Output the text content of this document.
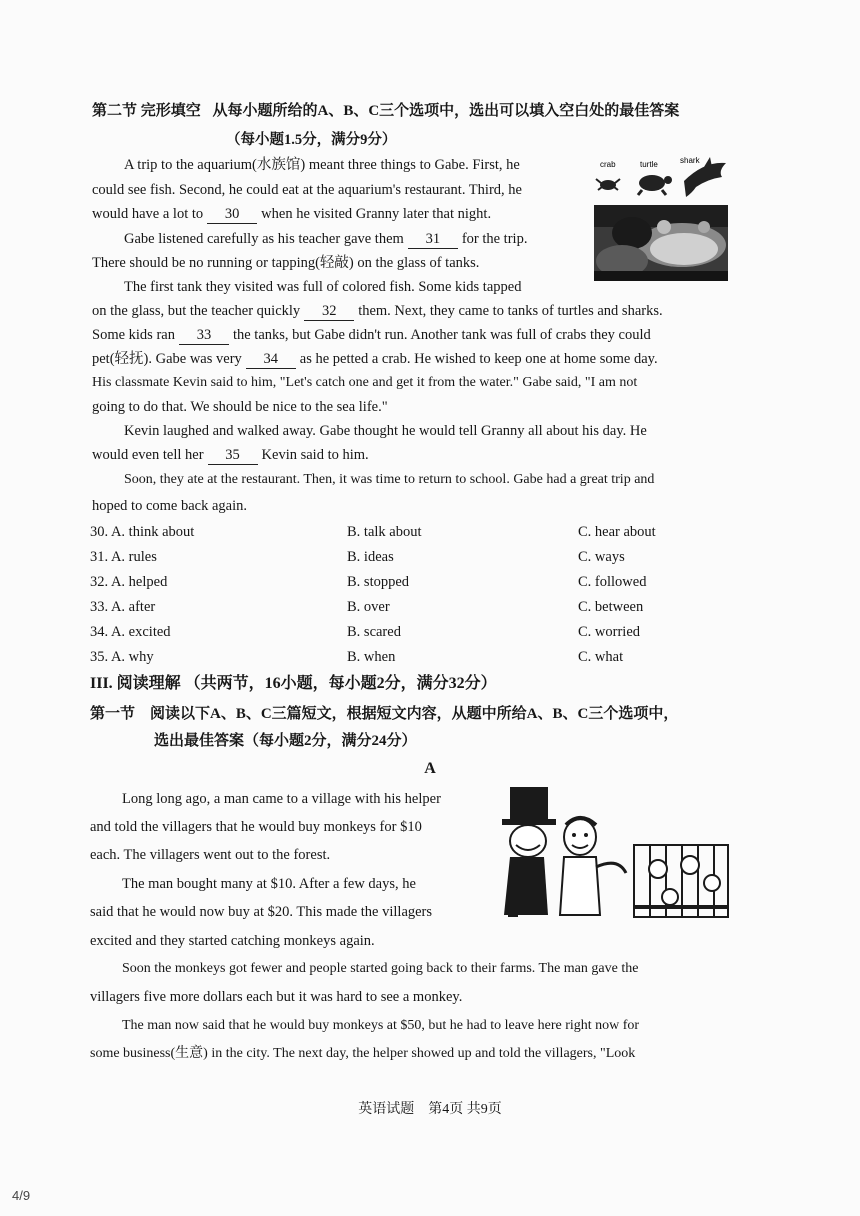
第二节 完形填空 从每小题所给的A、B、C三个选项中，选出可以填入空白处的最佳答案
（每小题1.5分，满分9分）
crab	turtle	shark
A trip to the aquarium(水族馆) meant three things to Gabe. First, he
could see fish. Second, he could eat at the aquarium's restaurant. Third, he
would have a lot to 30 when he visited Granny later that night.
Gabe listened carefully as his teacher gave them 31 for the trip.
There should be no running or tapping(轻敲) on the glass of tanks.
The first tank they visited was full of colored fish. Some kids tapped
on the glass, but the teacher quickly 32 them. Next, they came to tanks of turtles and sharks.
Some kids ran 33 the tanks, but Gabe didn't run. Another tank was full of crabs they could
pet(轻抚). Gabe was very 34 as he petted a crab. He wished to keep one at home some day.
His classmate Kevin said to him, "Let's catch one and get it from the water." Gabe said, "I am not
going to do that. We should be nice to the sea life."
Kevin laughed and walked away. Gabe thought he would tell Granny all about his day. He
would even tell her 35 Kevin said to him.
Soon, they ate at the restaurant. Then, it was time to return to school. Gabe had a great trip and
hoped to come back again.
30. A. think about	B. talk about	C. hear about
31. A. rules	B. ideas	C. ways
32. A. helped	B. stopped	C. followed
33. A. after	B. over	C. between
34. A. excited	B. scared	C. worried
35. A. why	B. when	C. what
III. 阅读理解 （共两节，16小题，每小题2分，满分32分）
第一节　阅读以下A、B、C三篇短文，根据短文内容，从题中所给A、B、C三个选项中，
选出最佳答案（每小题2分，满分24分）
A
Long long ago, a man came to a village with his helper
and told the villagers that he would buy monkeys for $10
each. The villagers went out to the forest.
The man bought many at $10. After a few days, he
said that he would now buy at $20. This made the villagers
excited and they started catching monkeys again.
Soon the monkeys got fewer and people started going back to their farms. The man gave the
villagers five more dollars each but it was hard to see a monkey.
The man now said that he would buy monkeys at $50, but he had to leave here right now for
some business(生意) in the city. The next day, the helper showed up and told the villagers, "Look
英语试题　第4页 共9页
4/9
